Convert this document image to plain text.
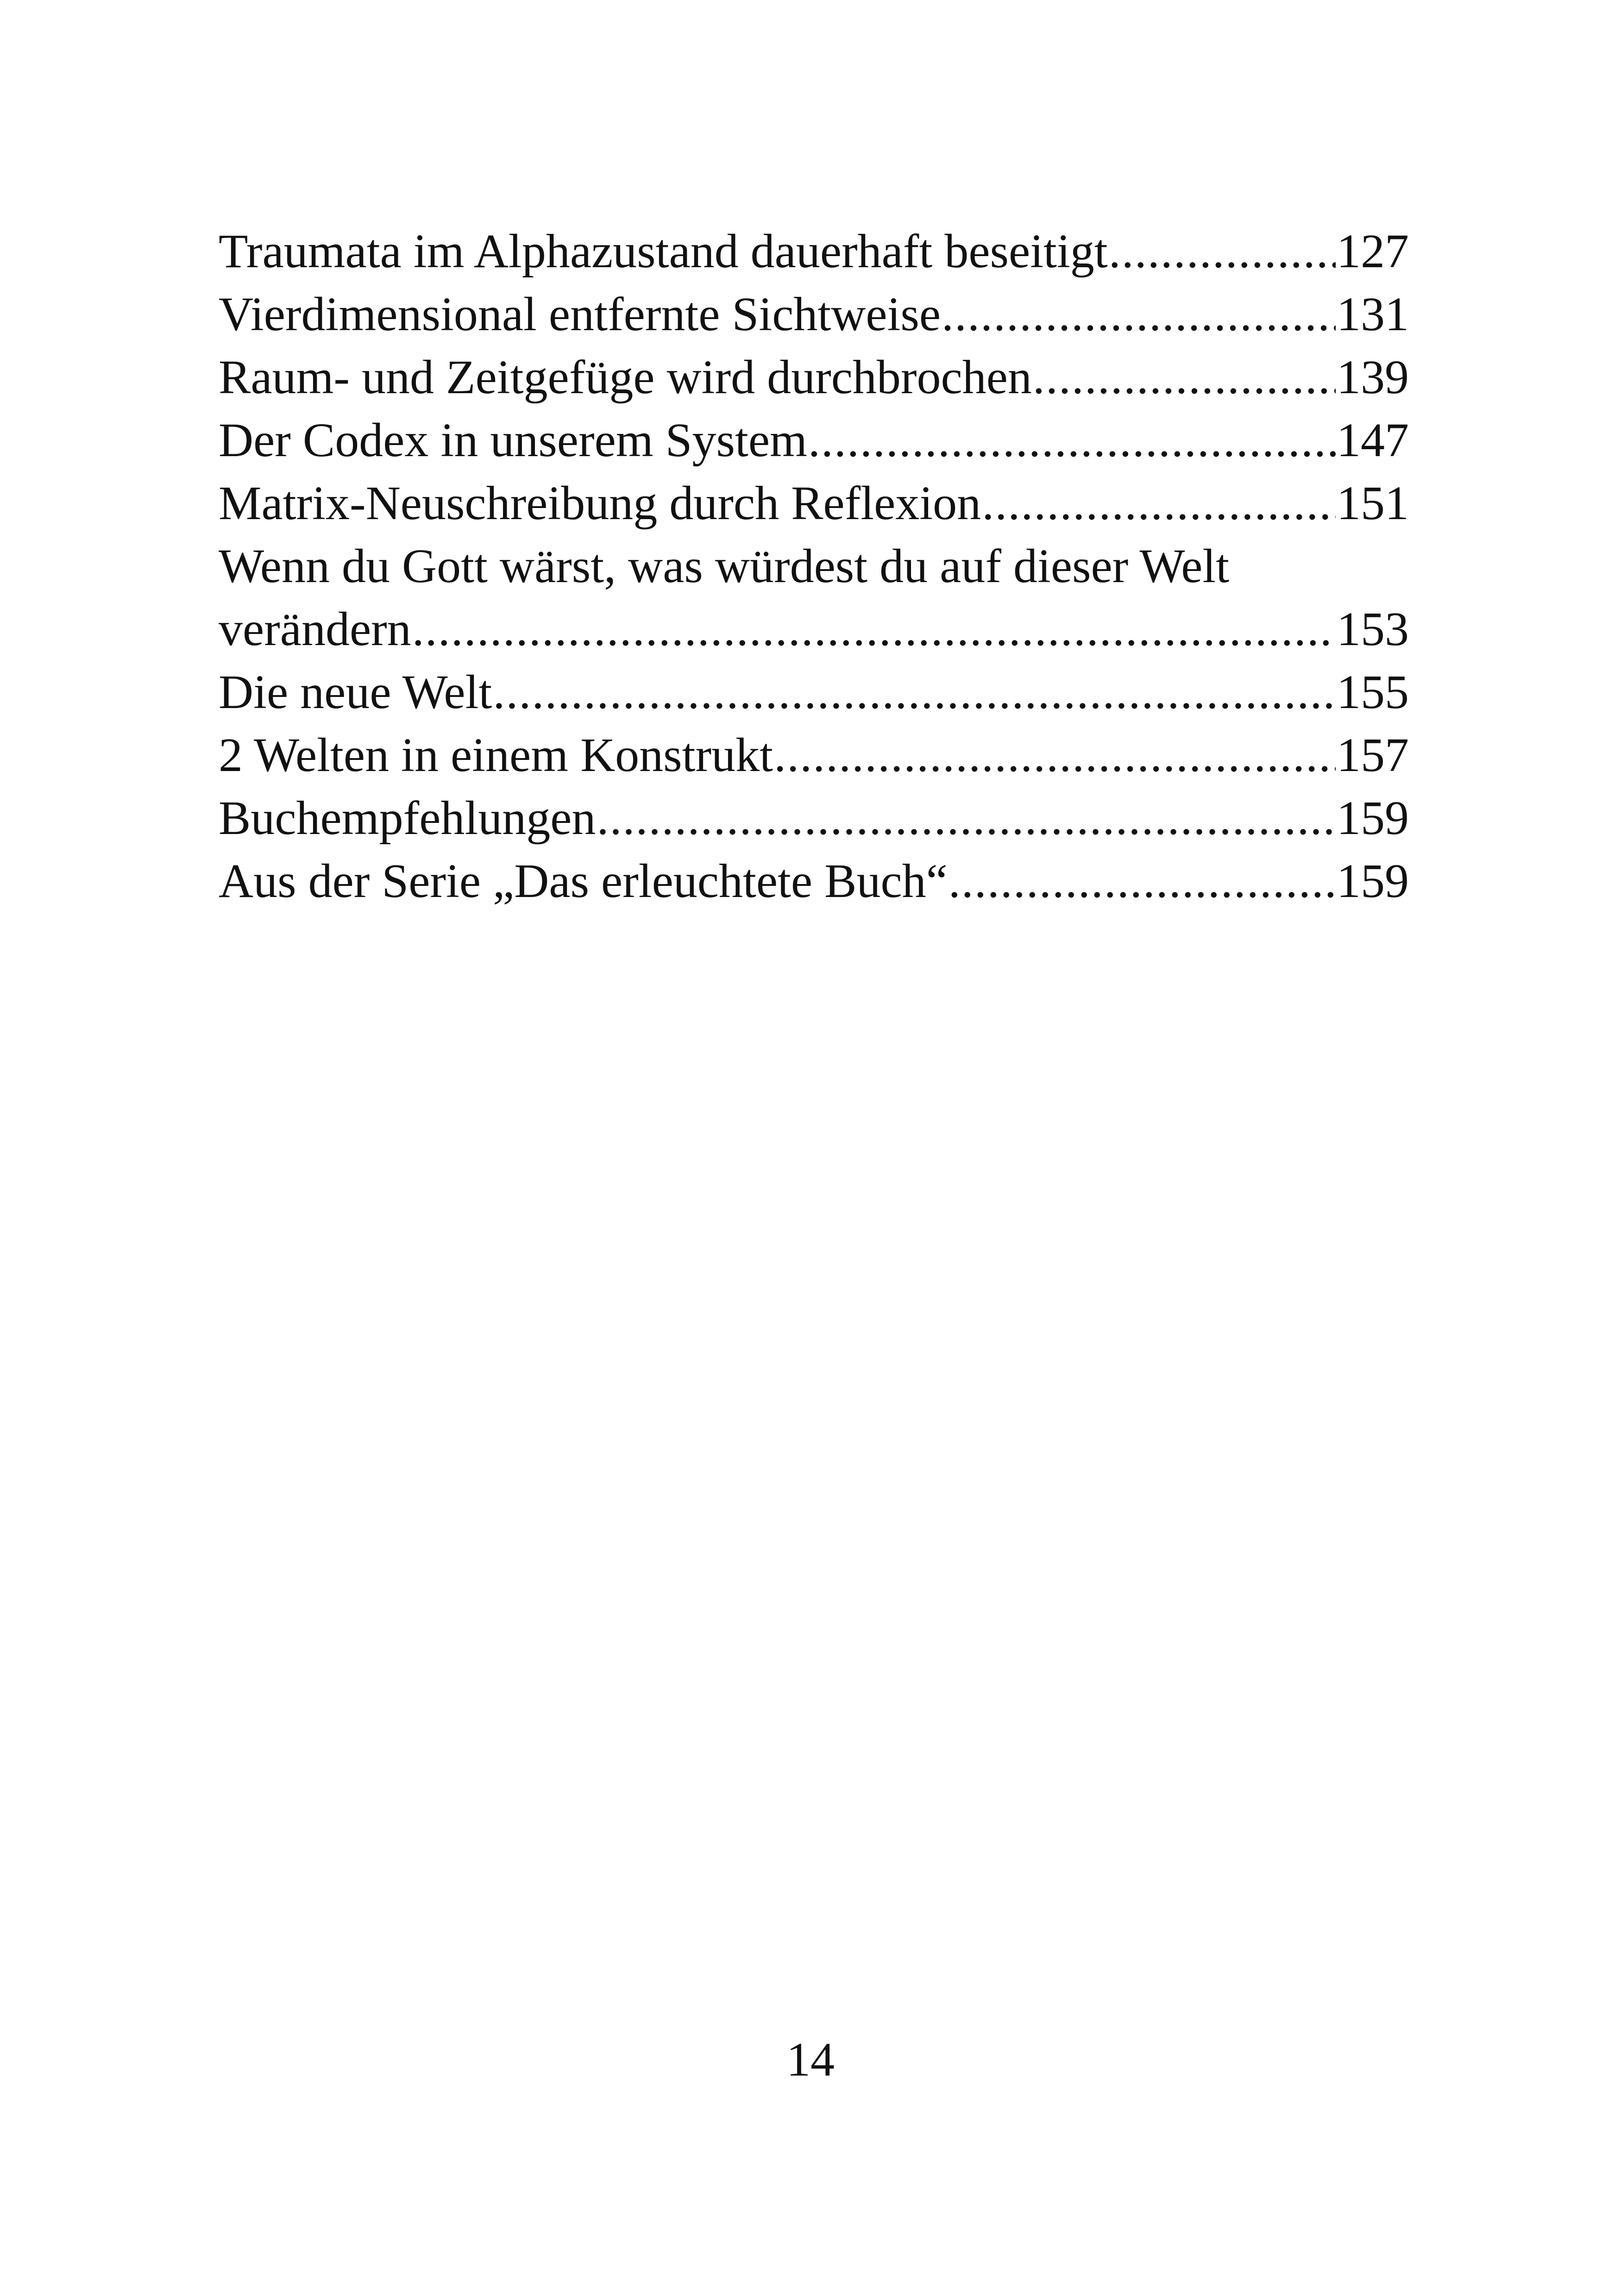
Traumata im Alphazustand dauerhaft beseitigt .....	127
Vierdimensional entfernte Sichtweise .....	131
Raum- und Zeitgefüge wird durchbrochen .....	139
Der Codex in unserem System .....	147
Matrix-Neuschreibung durch Reflexion .....	151
Wenn du Gott wärst, was würdest du auf dieser Welt
verändern .....	153
Die neue Welt .....	155
2 Welten in einem Konstrukt .....	157
Buchempfehlungen .....	159
Aus der Serie „Das erleuchtete Buch“ .....	159
14
